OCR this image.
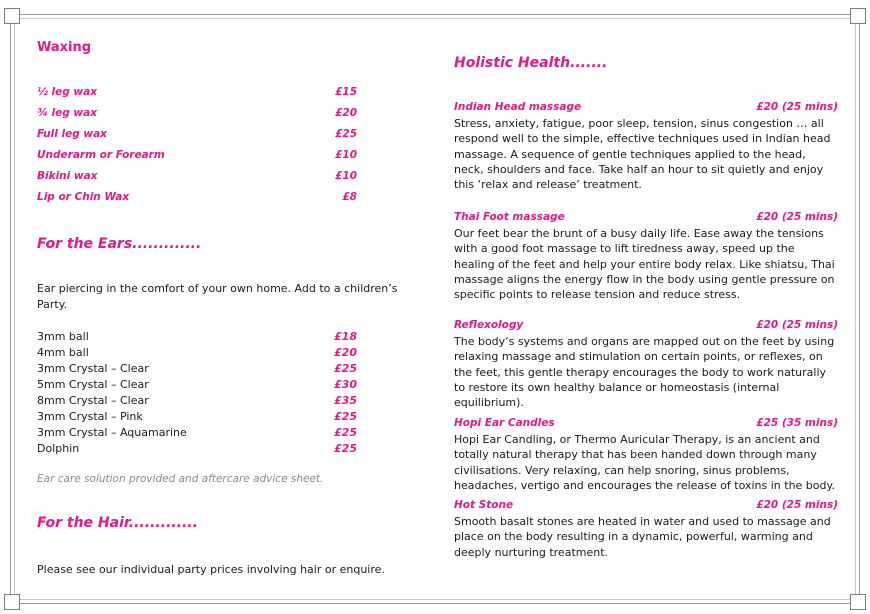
Waxing
½ leg wax	£15
¾ leg wax	£20
Full leg wax	£25
Underarm or Forearm	£10
Bikini wax	£10
Lip or Chin Wax	£8
For the Ears.............
Ear piercing in the comfort of your own home. Add to a children’s Party.
3mm ball	£18
4mm ball	£20
3mm Crystal – Clear	£25
5mm Crystal – Clear	£30
8mm Crystal – Clear	£35
3mm Crystal – Pink	£25
3mm Crystal – Aquamarine	£25
Dolphin	£25
Ear care solution provided and aftercare advice sheet.
For the Hair.............
Please see our individual party prices involving hair or enquire.
Holistic Health.......
Indian Head massage	£20 (25 mins)
Stress, anxiety, fatigue, poor sleep, tension, sinus congestion … all respond well to the simple, effective techniques used in Indian head massage. A sequence of gentle techniques applied to the head, neck, shoulders and face. Take half an hour to sit quietly and enjoy this ‘relax and release’ treatment.
Thai Foot massage	£20 (25 mins)
Our feet bear the brunt of a busy daily life. Ease away the tensions with a good foot massage to lift tiredness away, speed up the healing of the feet and help your entire body relax. Like shiatsu, Thai massage aligns the energy flow in the body using gentle pressure on specific points to release tension and reduce stress.
Reflexology	£20 (25 mins)
The body’s systems and organs are mapped out on the feet by using relaxing massage and stimulation on certain points, or reflexes, on the feet, this gentle therapy encourages the body to work naturally to restore its own healthy balance or homeostasis (internal equilibrium).
Hopi Ear Candles	£25 (35 mins)
Hopi Ear Candling, or Thermo Auricular Therapy, is an ancient and totally natural therapy that has been handed down through many civilisations. Very relaxing, can help snoring, sinus problems, headaches, vertigo and encourages the release of toxins in the body.
Hot Stone	£20 (25 mins)
Smooth basalt stones are heated in water and used to massage and place on the body resulting in a dynamic, powerful, warming and deeply nurturing treatment.
